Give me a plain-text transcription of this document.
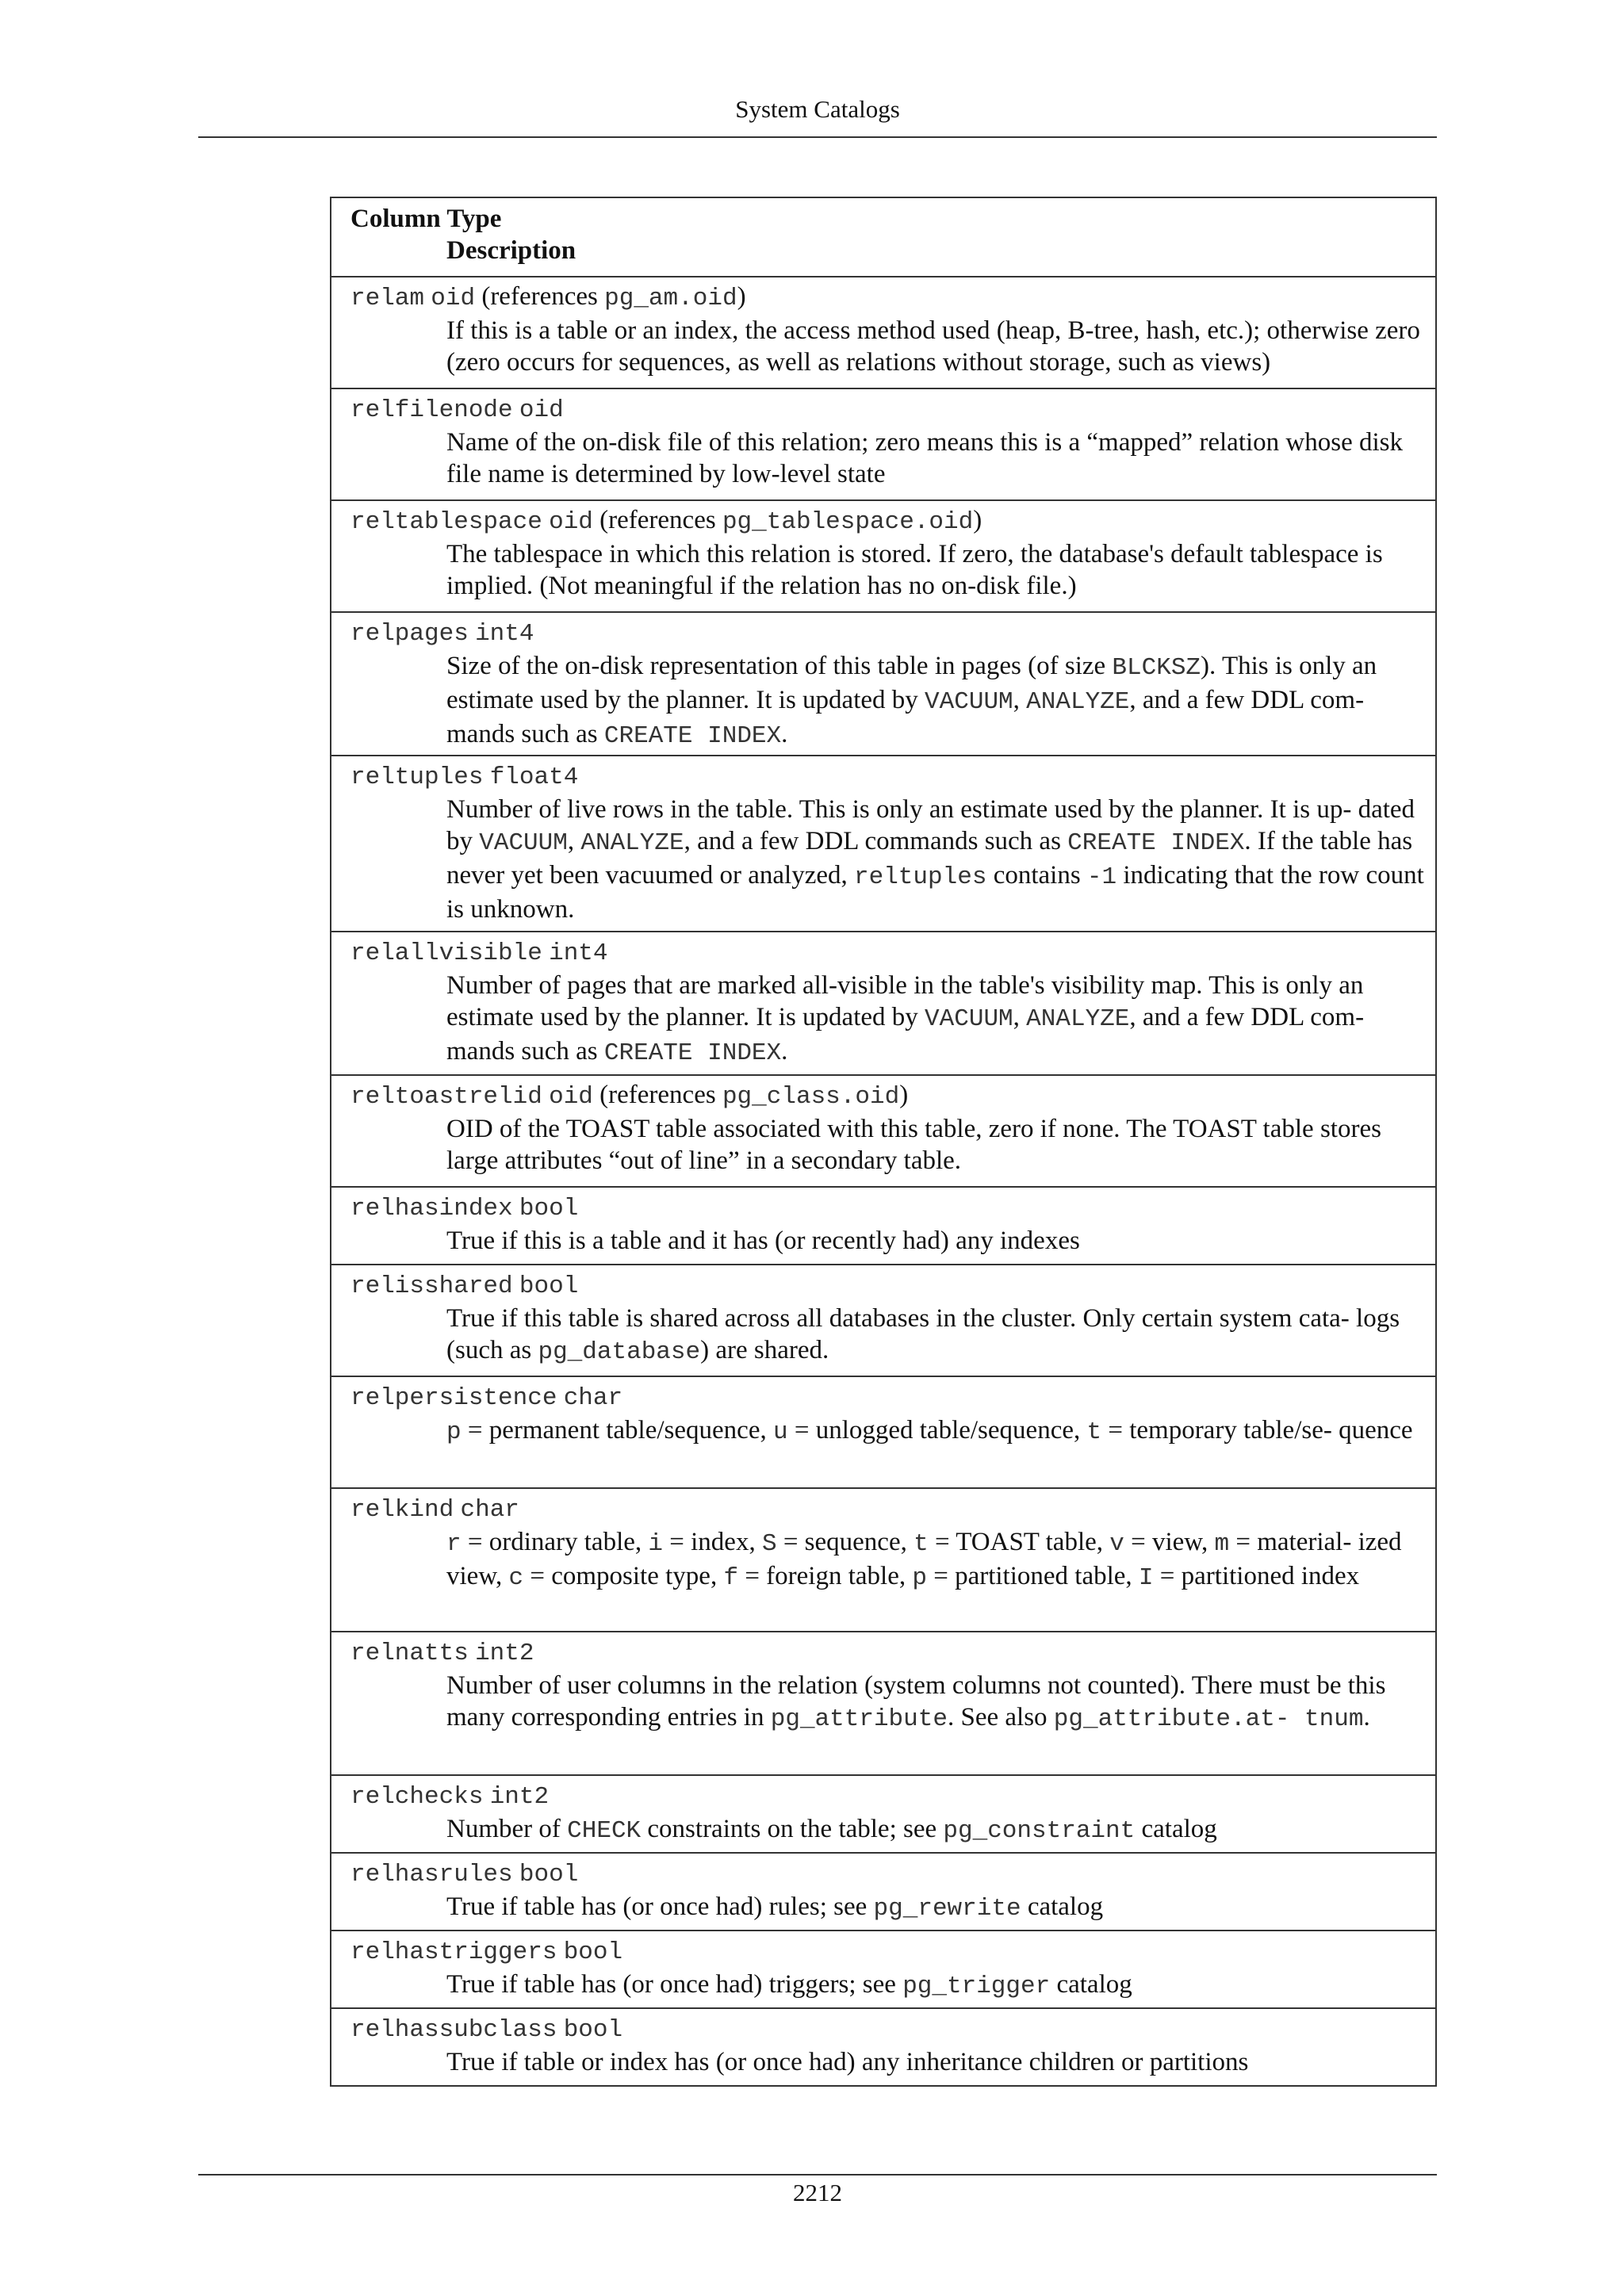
System Catalogs
Column Type
Description
relam oid (references pg_am.oid)
If this is a table or an index, the access method used (heap, B-tree, hash, etc.); otherwise zero (zero occurs for sequences, as well as relations without storage, such as views)
relfilenode oid
Name of the on-disk file of this relation; zero means this is a “mapped” relation whose disk file name is determined by low-level state
reltablespace oid (references pg_tablespace.oid)
The tablespace in which this relation is stored. If zero, the database's default tablespace is implied. (Not meaningful if the relation has no on-disk file.)
relpages int4
Size of the on-disk representation of this table in pages (of size BLCKSZ). This is only an estimate used by the planner. It is updated by VACUUM, ANALYZE, and a few DDL com- mands such as CREATE INDEX.
reltuples float4
Number of live rows in the table. This is only an estimate used by the planner. It is up- dated by VACUUM, ANALYZE, and a few DDL commands such as CREATE INDEX. If the table has never yet been vacuumed or analyzed, reltuples contains -1 indicating that the row count is unknown.
relallvisible int4
Number of pages that are marked all-visible in the table's visibility map. This is only an estimate used by the planner. It is updated by VACUUM, ANALYZE, and a few DDL com- mands such as CREATE INDEX.
reltoastrelid oid (references pg_class.oid)
OID of the TOAST table associated with this table, zero if none. The TOAST table stores large attributes “out of line” in a secondary table.
relhasindex bool
True if this is a table and it has (or recently had) any indexes
relisshared bool
True if this table is shared across all databases in the cluster. Only certain system cata- logs (such as pg_database) are shared.
relpersistence char
p = permanent table/sequence, u = unlogged table/sequence, t = temporary table/se- quence
relkind char
r = ordinary table, i = index, S = sequence, t = TOAST table, v = view, m = material- ized view, c = composite type, f = foreign table, p = partitioned table, I = partitioned index
relnatts int2
Number of user columns in the relation (system columns not counted). There must be this many corresponding entries in pg_attribute. See also pg_attribute.at- tnum.
relchecks int2
Number of CHECK constraints on the table; see pg_constraint catalog
relhasrules bool
True if table has (or once had) rules; see pg_rewrite catalog
relhastriggers bool
True if table has (or once had) triggers; see pg_trigger catalog
relhassubclass bool
True if table or index has (or once had) any inheritance children or partitions
2212
